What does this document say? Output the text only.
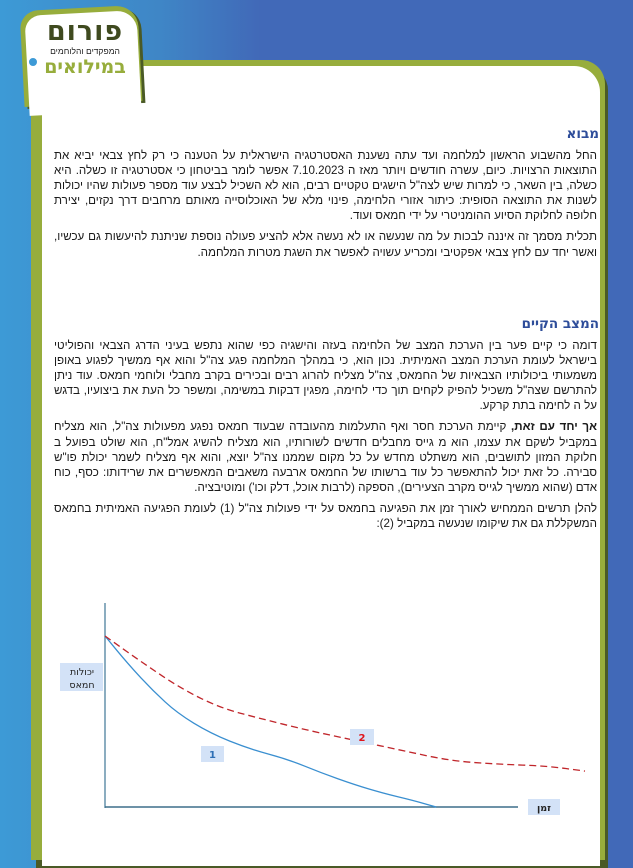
פורום
המפקדים והלוחמים
במילואים
מבוא

החל מהשבוע הראשון למלחמה ועד עתה נשענת האסטרטגיה הישראלית על הטענה כי רק לחץ צבאי יביא את התוצאות הרצויות. כיום, עשרה חודשים ויותר מאז ה 7.10.2023 אפשר לומר בביטחון כי אסטרטגיה זו כשלה. היא כשלה, בין השאר, כי למרות שיש לצה"ל הישגים טקטיים רבים, הוא לא השכיל לבצע עוד מספר פעולות שהיו יכולות לשנות את התוצאה הסופית: כיתור אזורי הלחימה, פינוי מלא של האוכלוסייה מאותם מרחבים דרך נקזים, יצירת חלופה לחלוקת הסיוע ההומניטרי על ידי חמאס ועוד.

תכלית מסמך זה איננה לבכות על מה שנעשה או לא נעשה אלא להציע פעולה נוספת שניתנת להיעשות גם עכשיו, ואשר יחד עם לחץ צבאי אפקטיבי ומכריע עשויה לאפשר את השגת מטרות המלחמה.

המצב הקיים

דומה כי קיים פער בין הערכת המצב של הלחימה בעזה והישגיה כפי שהוא נתפש בעיני הדרג הצבאי והפוליטי בישראל לעומת הערכת המצב האמיתית. נכון הוא, כי במהלך המלחמה פגע צה"ל והוא אף ממשיך לפגוע באופן משמעותי ביכולותיו הצבאיות של החמאס, צה"ל מצליח להרוג רבים ובכירים בקרב מחבלי ולוחמי חמאס. עוד ניתן להתרשם שצה"ל משכיל להפיק לקחים תוך כדי לחימה, מפגין דבקות במשימה, ומשפר כל העת את ביצועיו, בדגש על ה לחימה בתת קרקע.

אך יחד עם זאת, קיימת הערכת חסר ואף התעלמות מהעובדה שבעוד חמאס נפגע מפעולות צה"ל, הוא מצליח במקביל לשקם את עצמו, הוא מ גייס מחבלים חדשים לשורותיו, הוא מצליח להשיג אמל"ח, הוא שולט בפועל ב חלוקת המזון לתושבים, הוא משתלט מחדש על כל מקום שממנו צה"ל יוצא, והוא אף מצליח לשמר יכולת פו"ש סבירה. כל זאת יכול להתאפשר כל עוד ברשותו של החמאס ארבעה משאבים המאפשרים את שרידותו: כסף, כוח אדם (שהוא ממשיך לגייס מקרב הצעירים), הספקה (לרבות אוכל, דלק וכו') ומוטיבציה.

להלן תרשים הממחיש לאורך זמן את הפגיעה בחמאס על ידי פעולות צה"ל (1) לעומת הפגיעה האמיתית בחמאס המשקללת גם את שיקומו שנעשה במקביל (2):

יכולות
חמאס
זמן
1
2
